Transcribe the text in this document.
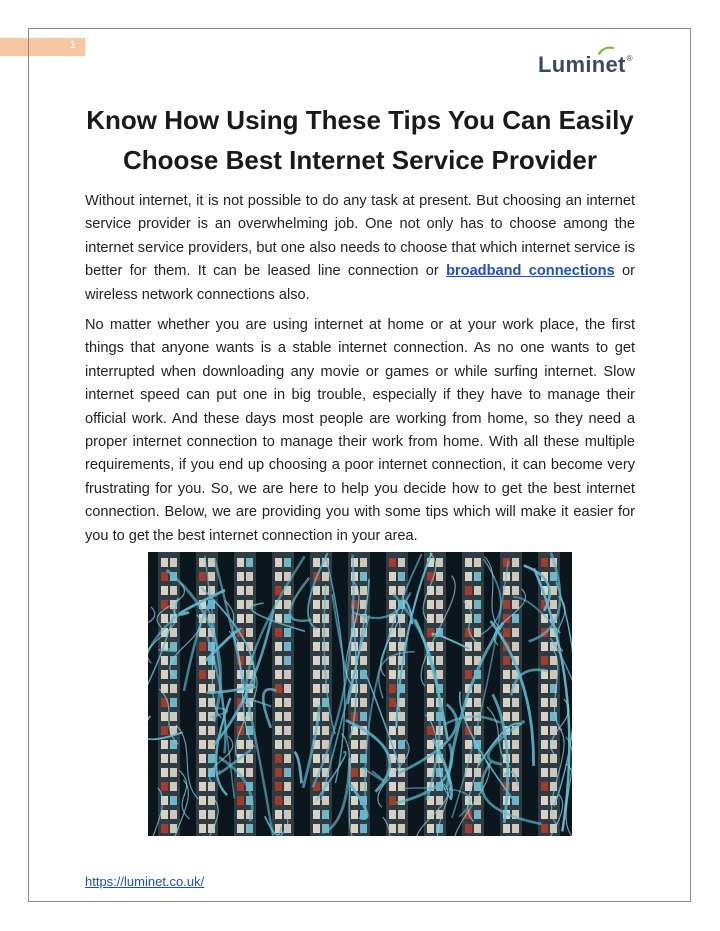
1
Luminet ®
Know How Using These Tips You Can Easily Choose Best Internet Service Provider

Without internet, it is not possible to do any task at present. But choosing an internet service provider is an overwhelming job. One not only has to choose among the internet service providers, but one also needs to choose that which internet service is better for them. It can be leased line connection or broadband connections or wireless network connections also.

No matter whether you are using internet at home or at your work place, the first things that anyone wants is a stable internet connection. As no one wants to get interrupted when downloading any movie or games or while surfing internet. Slow internet speed can put one in big trouble, especially if they have to manage their official work. And these days most people are working from home, so they need a proper internet connection to manage their work from home. With all these multiple requirements, if you end up choosing a poor internet connection, it can become very frustrating for you. So, we are here to help you decide how to get the best internet connection. Below, we are providing you with some tips which will make it easier for you to get the best internet connection in your area.

https://luminet.co.uk/
